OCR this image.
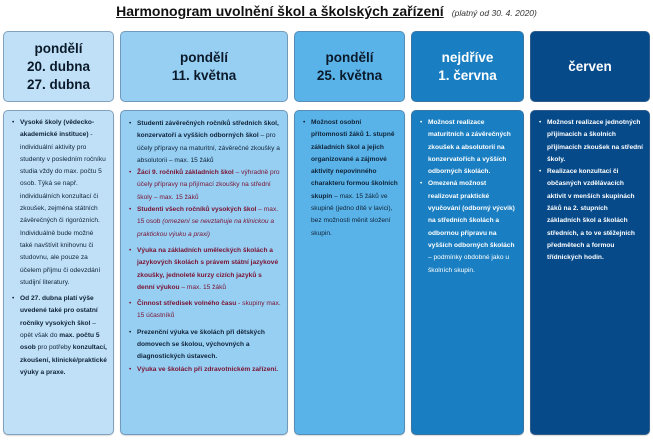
Harmonogram uvolnění škol a školských zařízení (platný od 30. 4. 2020)
pondělí
20. dubna
27. dubna
pondělí
11. května
pondělí
25. května
nejdříve
1. června
červen
• Vysoké školy (vědecko-akademické instituce) - individuální aktivity pro studenty v posledním ročníku studia vždy do max. počtu 5 osob. Týká se např. individuálních konzultací či zkoušek, zejména státních závěrečných či rigorózních. Individuálně bude možné také navštívit knihovnu či studovnu, ale pouze za účelem příjmu či odevzdání studijní literatury.
• Od 27. dubna platí výše uvedené také pro ostatní ročníky vysokých škol – opět však do max. počtu 5 osob pro potřeby konzultací, zkoušení, klinické/praktické výuky a praxe.
• Studenti závěrečných ročníků středních škol, konzervatoří a vyšších odborných škol – pro účely přípravy na maturitní, závěrečné zkoušky a absolutorii – max. 15 žáků
• Žáci 9. ročníků základních škol – výhradně pro účely přípravy na přijímací zkoušky na střední školy – max. 15 žáků
• Studenti všech ročníků vysokých škol – max. 15 osob (omezení se nevztahuje na klinickou a praktickou výuku a praxi)
• Výuka na základních uměleckých školách a jazykových školách s právem státní jazykové zkoušky, jednoleté kurzy cizích jazyků s denní výukou – max. 15 žáků
• Činnost středisek volného času - skupiny max. 15 účastníků
• Prezenční výuka ve školách při dětských domovech se školou, výchovných a diagnostických ústavech.
• Výuka ve školách při zdravotnickém zařízení.
• Možnost osobní přítomnosti žáků 1. stupně základních škol a jejich organizované a zájmové aktivity nepovinného charakteru formou školních skupin – max. 15 žáků ve skupině (jedno dítě v lavici), bez možnosti měnit složení skupin.
• Možnost realizace maturitních a závěrečných zkoušek a absolutorií na konzervatořích a vyšších odborných školách.
• Omezená možnost realizovat praktické vyučování (odborný výcvik) na středních školách a odbornou přípravu na vyšších odborných školách – podmínky obdobné jako u školních skupin.
• Možnost realizace jednotných přijímacích a školních přijímacích zkoušek na střední školy.
• Realizace konzultací či občasných vzdělávacích aktivit v menších skupinách žáků na 2. stupních základních škol a školách středních, a to ve stěžejních předmětech a formou třídnických hodin.
